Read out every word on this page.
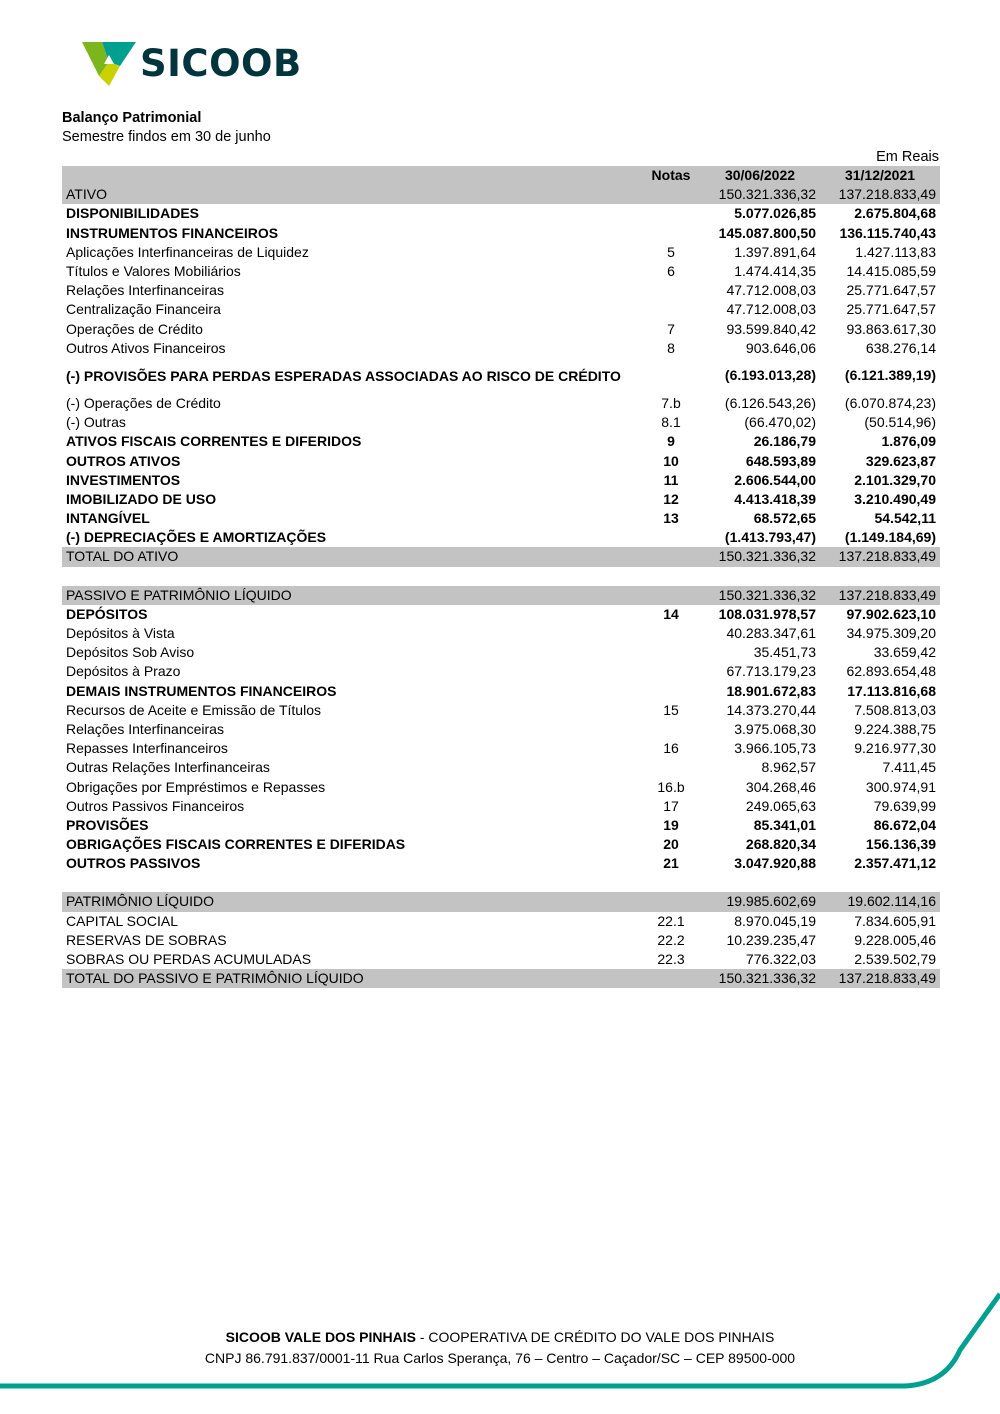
SICOOB
Balanço Patrimonial
Semestre findos em 30 de junho
Em Reais
	Notas	30/06/2022	31/12/2021
ATIVO		150.321.336,32	137.218.833,49
DISPONIBILIDADES		5.077.026,85	2.675.804,68
INSTRUMENTOS FINANCEIROS		145.087.800,50	136.115.740,43
Aplicações Interfinanceiras de Liquidez	5	1.397.891,64	1.427.113,83
Títulos e Valores Mobiliários	6	1.474.414,35	14.415.085,59
Relações Interfinanceiras		47.712.008,03	25.771.647,57
Centralização Financeira		47.712.008,03	25.771.647,57
Operações de Crédito	7	93.599.840,42	93.863.617,30
Outros Ativos Financeiros	8	903.646,06	638.276,14
(-) PROVISÕES PARA PERDAS ESPERADAS ASSOCIADAS AO RISCO DE CRÉDITO		(6.193.013,28)	(6.121.389,19)
(-) Operações de Crédito	7.b	(6.126.543,26)	(6.070.874,23)
(-) Outras	8.1	(66.470,02)	(50.514,96)
ATIVOS FISCAIS CORRENTES E DIFERIDOS	9	26.186,79	1.876,09
OUTROS ATIVOS	10	648.593,89	329.623,87
INVESTIMENTOS	11	2.606.544,00	2.101.329,70
IMOBILIZADO DE USO	12	4.413.418,39	3.210.490,49
INTANGÍVEL	13	68.572,65	54.542,11
(-) DEPRECIAÇÕES E AMORTIZAÇÕES		(1.413.793,47)	(1.149.184,69)
TOTAL DO ATIVO		150.321.336,32	137.218.833,49

PASSIVO E PATRIMÔNIO LÍQUIDO		150.321.336,32	137.218.833,49
DEPÓSITOS	14	108.031.978,57	97.902.623,10
Depósitos à Vista		40.283.347,61	34.975.309,20
Depósitos Sob Aviso		35.451,73	33.659,42
Depósitos à Prazo		67.713.179,23	62.893.654,48
DEMAIS INSTRUMENTOS FINANCEIROS		18.901.672,83	17.113.816,68
Recursos de Aceite e Emissão de Títulos	15	14.373.270,44	7.508.813,03
Relações Interfinanceiras		3.975.068,30	9.224.388,75
Repasses Interfinanceiros	16	3.966.105,73	9.216.977,30
Outras Relações Interfinanceiras		8.962,57	7.411,45
Obrigações por Empréstimos e Repasses	16.b	304.268,46	300.974,91
Outros Passivos Financeiros	17	249.065,63	79.639,99
PROVISÕES	19	85.341,01	86.672,04
OBRIGAÇÕES FISCAIS CORRENTES E DIFERIDAS	20	268.820,34	156.136,39
OUTROS PASSIVOS	21	3.047.920,88	2.357.471,12

PATRIMÔNIO LÍQUIDO		19.985.602,69	19.602.114,16
CAPITAL SOCIAL	22.1	8.970.045,19	7.834.605,91
RESERVAS DE SOBRAS	22.2	10.239.235,47	9.228.005,46
SOBRAS OU PERDAS ACUMULADAS	22.3	776.322,03	2.539.502,79
TOTAL DO PASSIVO E PATRIMÔNIO LÍQUIDO		150.321.336,32	137.218.833,49
SICOOB VALE DOS PINHAIS - COOPERATIVA DE CRÉDITO DO VALE DOS PINHAIS
CNPJ 86.791.837/0001-11 Rua Carlos Sperança, 76 – Centro – Caçador/SC – CEP 89500-000
